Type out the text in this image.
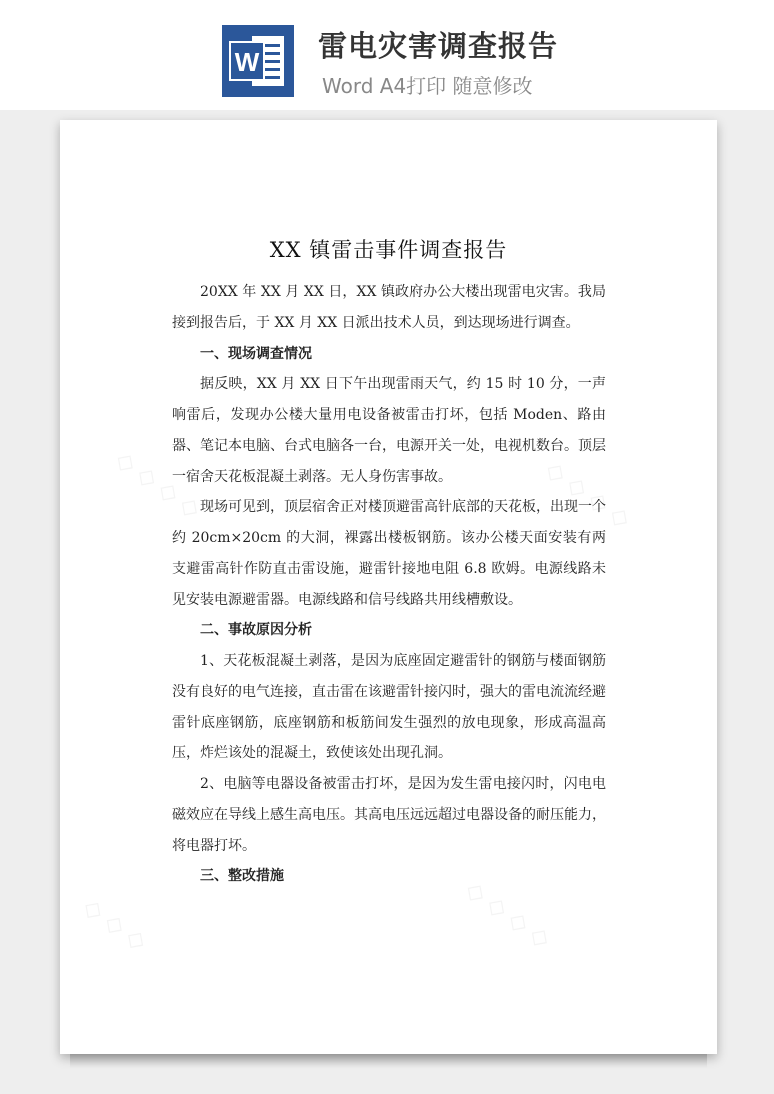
W 雷电灾害调查报告
Word A4打印 随意修改
XX 镇雷击事件调查报告

20XX 年 XX 月 XX 日，XX 镇政府办公大楼出现雷电灾害。我局接到报告后，于 XX 月 XX 日派出技术人员，到达现场进行调查。

一、现场调查情况

据反映，XX 月 XX 日下午出现雷雨天气，约 15 时 10 分，一声响雷后，发现办公楼大量用电设备被雷击打坏，包括 Moden、路由器、笔记本电脑、台式电脑各一台，电源开关一处，电视机数台。顶层一宿舍天花板混凝土剥落。无人身伤害事故。

现场可见到，顶层宿舍正对楼顶避雷高针底部的天花板，出现一个约 20cm×20cm 的大洞，裸露出楼板钢筋。该办公楼天面安装有两支避雷高针作防直击雷设施，避雷针接地电阻 6.8 欧姆。电源线路未见安装电源避雷器。电源线路和信号线路共用线槽敷设。

二、事故原因分析

1、天花板混凝土剥落，是因为底座固定避雷针的钢筋与楼面钢筋没有良好的电气连接，直击雷在该避雷针接闪时，强大的雷电流流经避雷针底座钢筋，底座钢筋和板筋间发生强烈的放电现象，形成高温高压，炸烂该处的混凝土，致使该处出现孔洞。

2、电脑等电器设备被雷击打坏，是因为发生雷电接闪时，闪电电磁效应在导线上感生高电压。其高电压远远超过电器设备的耐压能力，将电器打坏。

三、整改措施
